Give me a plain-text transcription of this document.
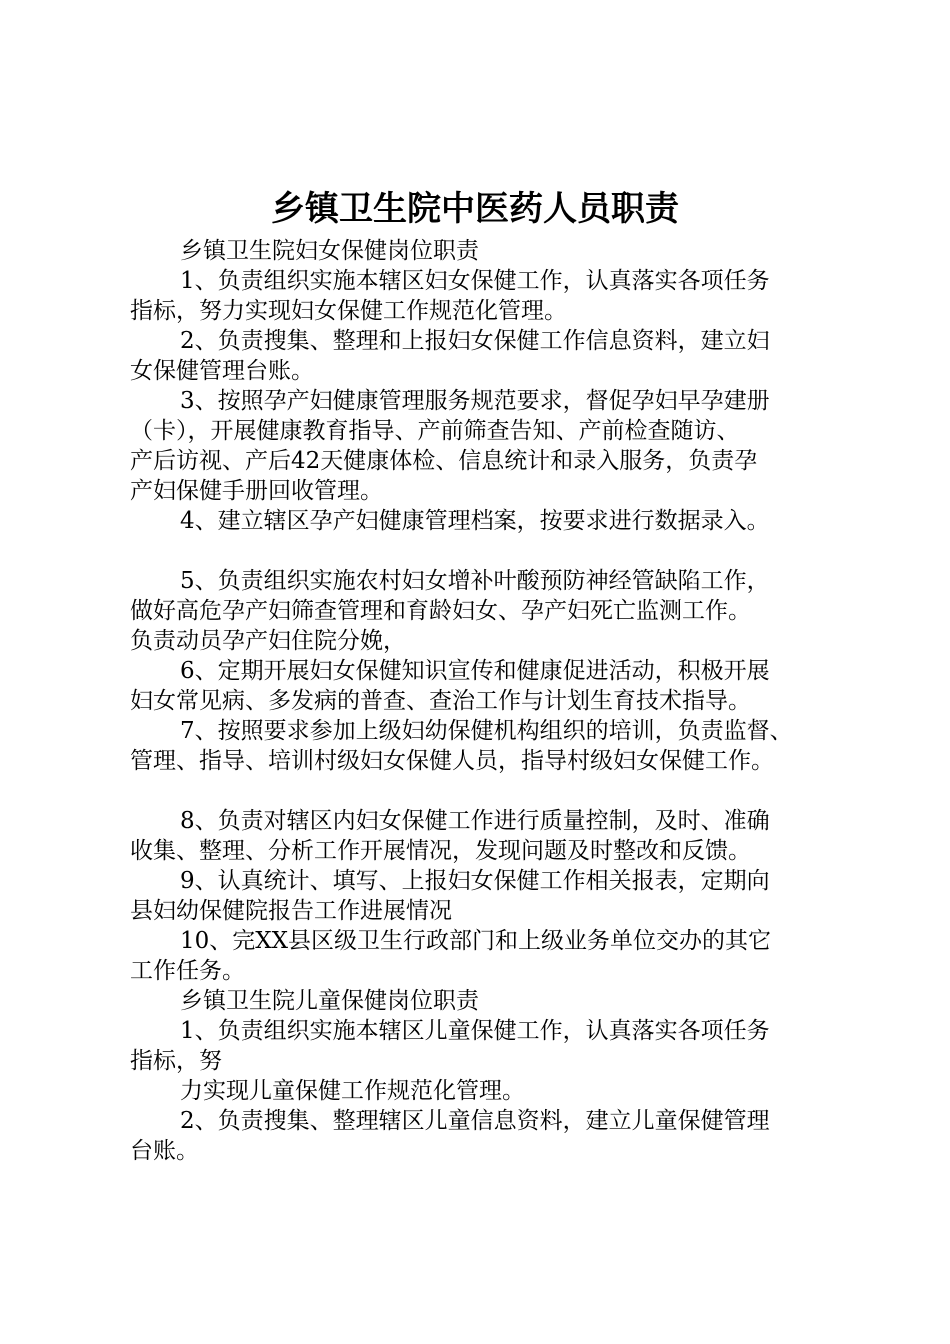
乡镇卫生院中医药人员职责
乡镇卫生院妇女保健岗位职责
1、负责组织实施本辖区妇女保健工作，认真落实各项任务
指标，努力实现妇女保健工作规范化管理。
2、负责搜集、整理和上报妇女保健工作信息资料，建立妇
女保健管理台账。
3、按照孕产妇健康管理服务规范要求，督促孕妇早孕建册
（卡），开展健康教育指导、产前筛查告知、产前检查随访、
产后访视、产后42天健康体检、信息统计和录入服务，负责孕
产妇保健手册回收管理。
4、建立辖区孕产妇健康管理档案，按要求进行数据录入。
5、负责组织实施农村妇女增补叶酸预防神经管缺陷工作，
做好高危孕产妇筛查管理和育龄妇女、孕产妇死亡监测工作。
负责动员孕产妇住院分娩，
6、定期开展妇女保健知识宣传和健康促进活动，积极开展
妇女常见病、多发病的普查、查治工作与计划生育技术指导。
7、按照要求参加上级妇幼保健机构组织的培训，负责监督、
管理、指导、培训村级妇女保健人员，指导村级妇女保健工作。
8、负责对辖区内妇女保健工作进行质量控制，及时、准确
收集、整理、分析工作开展情况，发现问题及时整改和反馈。
9、认真统计、填写、上报妇女保健工作相关报表，定期向
县妇幼保健院报告工作进展情况
10、完XX县区级卫生行政部门和上级业务单位交办的其它
工作任务。
乡镇卫生院儿童保健岗位职责
1、负责组织实施本辖区儿童保健工作，认真落实各项任务
指标，努
力实现儿童保健工作规范化管理。
2、负责搜集、整理辖区儿童信息资料，建立儿童保健管理
台账。
